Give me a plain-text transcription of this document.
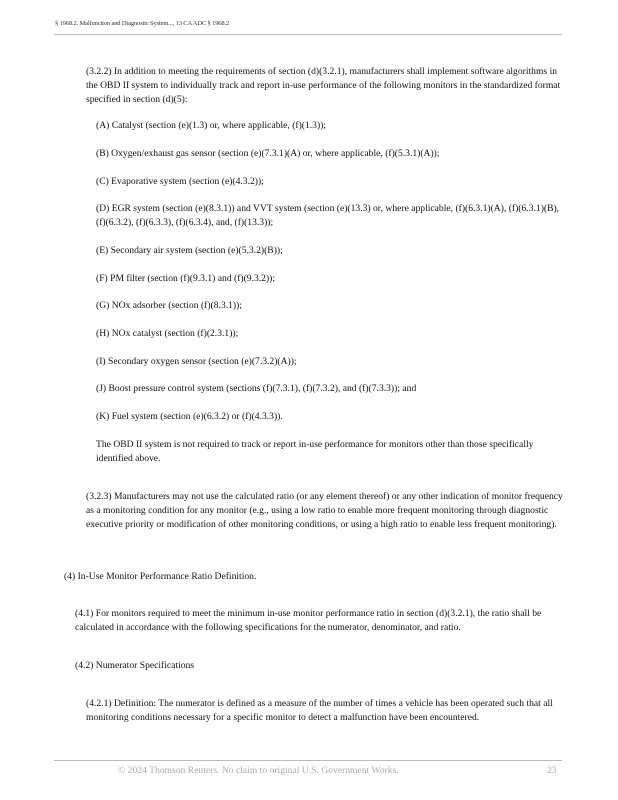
§ 1968.2. Malfunction and Diagnostic System..., 13 CA ADC § 1968.2

(3.2.2) In addition to meeting the requirements of section (d)(3.2.1), manufacturers shall implement software algorithms in the OBD II system to individually track and report in-use performance of the following monitors in the standardized format specified in section (d)(5):

(A) Catalyst (section (e)(1.3) or, where applicable, (f)(1.3));

(B) Oxygen/exhaust gas sensor (section (e)(7.3.1)(A) or, where applicable, (f)(5.3.1)(A));

(C) Evaporative system (section (e)(4.3.2));

(D) EGR system (section (e)(8.3.1)) and VVT system (section (e)(13.3) or, where applicable, (f)(6.3.1)(A), (f)(6.3.1)(B), (f)(6.3.2), (f)(6.3.3), (f)(6.3.4), and, (f)(13.3));

(E) Secondary air system (section (e)(5.3.2)(B));

(F) PM filter (section (f)(9.3.1) and (f)(9.3.2));

(G) NOx adsorber (section (f)(8.3.1));

(H) NOx catalyst (section (f)(2.3.1));

(I) Secondary oxygen sensor (section (e)(7.3.2)(A));

(J) Boost pressure control system (sections (f)(7.3.1), (f)(7.3.2), and (f)(7.3.3)); and

(K) Fuel system (section (e)(6.3.2) or (f)(4.3.3)).

The OBD II system is not required to track or report in-use performance for monitors other than those specifically identified above.

(3.2.3) Manufacturers may not use the calculated ratio (or any element thereof) or any other indication of monitor frequency as a monitoring condition for any monitor (e.g., using a low ratio to enable more frequent monitoring through diagnostic executive priority or modification of other monitoring conditions, or using a high ratio to enable less frequent monitoring).

(4) In-Use Monitor Performance Ratio Definition.

(4.1) For monitors required to meet the minimum in-use monitor performance ratio in section (d)(3.2.1), the ratio shall be calculated in accordance with the following specifications for the numerator, denominator, and ratio.

(4.2) Numerator Specifications

(4.2.1) Definition: The numerator is defined as a measure of the number of times a vehicle has been operated such that all monitoring conditions necessary for a specific monitor to detect a malfunction have been encountered.

© 2024 Thomson Reuters. No claim to original U.S. Government Works.	23
